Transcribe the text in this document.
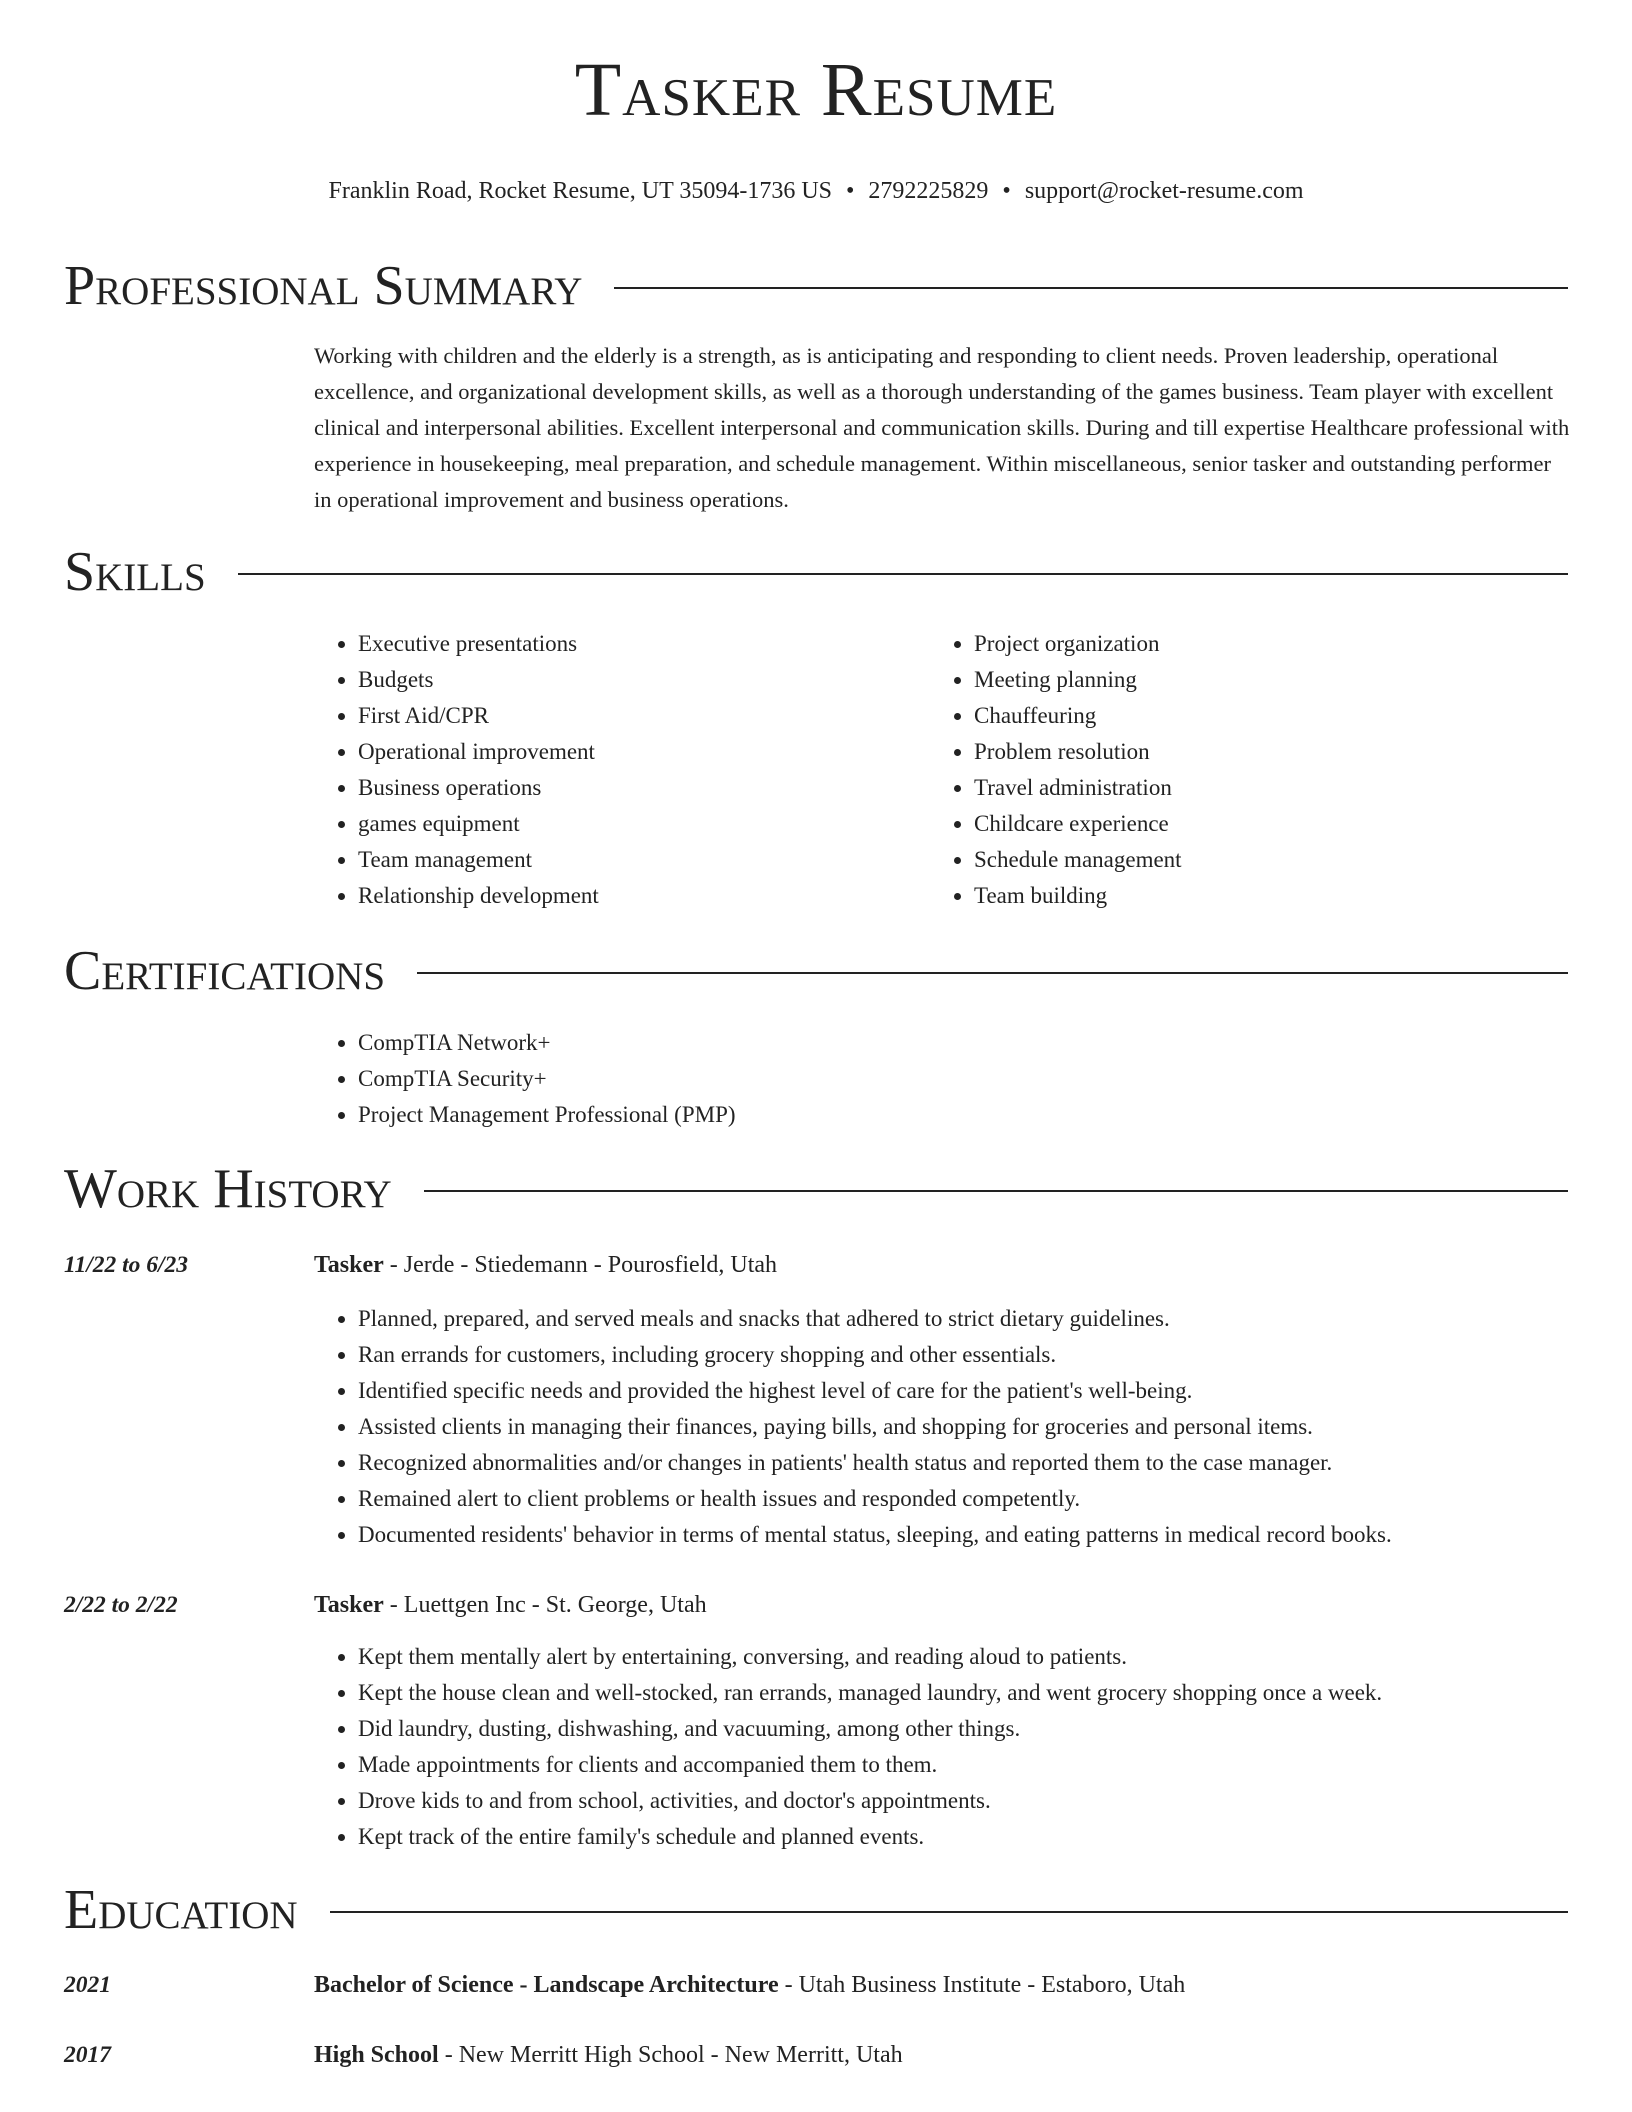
Tasker Resume
Franklin Road, Rocket Resume, UT 35094-1736 US • 2792225829 • support@rocket-resume.com
Professional Summary

Working with children and the elderly is a strength, as is anticipating and responding to client needs. Proven leadership, operational excellence, and organizational development skills, as well as a thorough understanding of the games business. Team player with excellent clinical and interpersonal abilities. Excellent interpersonal and communication skills. During and till expertise Healthcare professional with experience in housekeeping, meal preparation, and schedule management. Within miscellaneous, senior tasker and outstanding performer in operational improvement and business operations.

Skills
• Executive presentations
• Budgets
• First Aid/CPR
• Operational improvement
• Business operations
• games equipment
• Team management
• Relationship development
• Project organization
• Meeting planning
• Chauffeuring
• Problem resolution
• Travel administration
• Childcare experience
• Schedule management
• Team building
Certifications
• CompTIA Network+
• CompTIA Security+
• Project Management Professional (PMP)
Work History
11/22 to 6/23	Tasker - Jerde - Stiedemann - Pourosfield, Utah
• Planned, prepared, and served meals and snacks that adhered to strict dietary guidelines.
• Ran errands for customers, including grocery shopping and other essentials.
• Identified specific needs and provided the highest level of care for the patient's well-being.
• Assisted clients in managing their finances, paying bills, and shopping for groceries and personal items.
• Recognized abnormalities and/or changes in patients' health status and reported them to the case manager.
• Remained alert to client problems or health issues and responded competently.
• Documented residents' behavior in terms of mental status, sleeping, and eating patterns in medical record books.
2/22 to 2/22	Tasker - Luettgen Inc - St. George, Utah
• Kept them mentally alert by entertaining, conversing, and reading aloud to patients.
• Kept the house clean and well-stocked, ran errands, managed laundry, and went grocery shopping once a week.
• Did laundry, dusting, dishwashing, and vacuuming, among other things.
• Made appointments for clients and accompanied them to them.
• Drove kids to and from school, activities, and doctor's appointments.
• Kept track of the entire family's schedule and planned events.
Education
2021	Bachelor of Science - Landscape Architecture - Utah Business Institute - Estaboro, Utah
2017	High School - New Merritt High School - New Merritt, Utah
